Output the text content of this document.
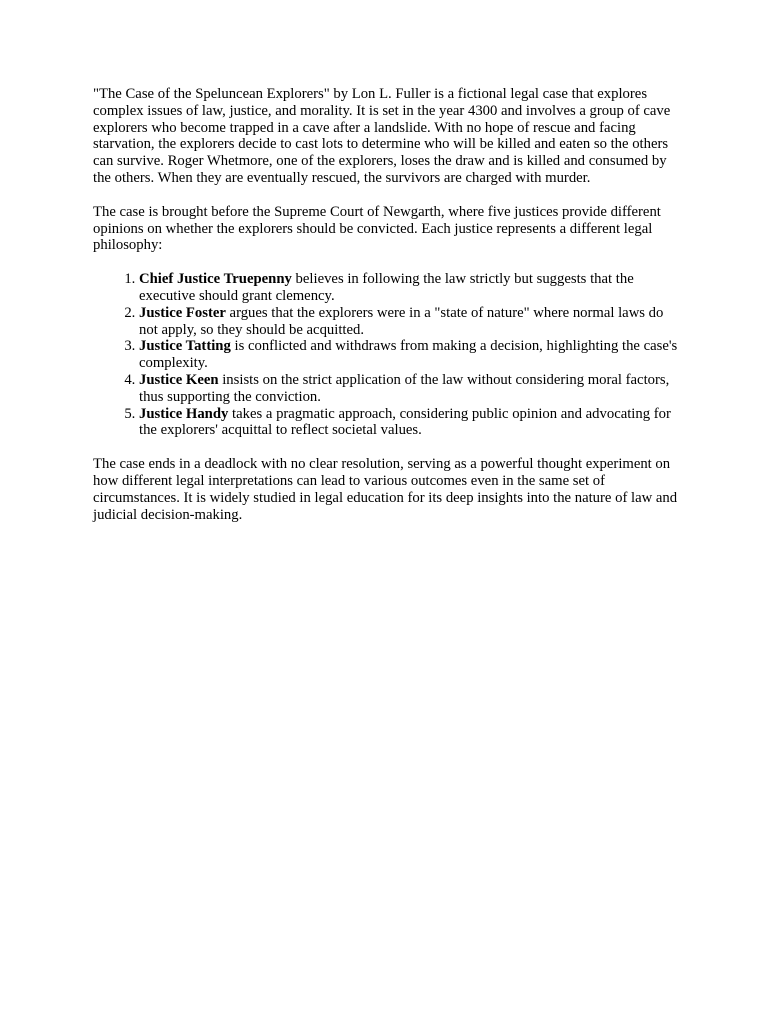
"The Case of the Speluncean Explorers" by Lon L. Fuller is a fictional legal case that explores complex issues of law, justice, and morality. It is set in the year 4300 and involves a group of cave explorers who become trapped in a cave after a landslide. With no hope of rescue and facing starvation, the explorers decide to cast lots to determine who will be killed and eaten so the others can survive. Roger Whetmore, one of the explorers, loses the draw and is killed and consumed by the others. When they are eventually rescued, the survivors are charged with murder.

The case is brought before the Supreme Court of Newgarth, where five justices provide different opinions on whether the explorers should be convicted. Each justice represents a different legal philosophy:

1. Chief Justice Truepenny believes in following the law strictly but suggests that the executive should grant clemency.
2. Justice Foster argues that the explorers were in a "state of nature" where normal laws do not apply, so they should be acquitted.
3. Justice Tatting is conflicted and withdraws from making a decision, highlighting the case's complexity.
4. Justice Keen insists on the strict application of the law without considering moral factors, thus supporting the conviction.
5. Justice Handy takes a pragmatic approach, considering public opinion and advocating for the explorers' acquittal to reflect societal values.

The case ends in a deadlock with no clear resolution, serving as a powerful thought experiment on how different legal interpretations can lead to various outcomes even in the same set of circumstances. It is widely studied in legal education for its deep insights into the nature of law and judicial decision-making.
